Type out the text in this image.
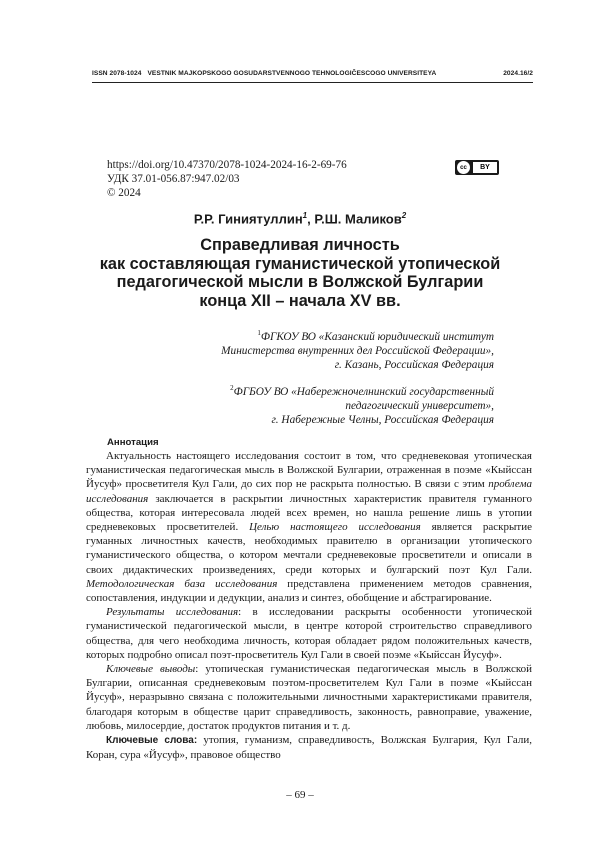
ISSN 2078-1024 VESTNIK MAJKOPSKOGO GOSUDARSTVENNOGO TEHNOLOGIČESCOGO UNIVERSITEYA	2024.16/2
https://doi.org/10.47370/2078-1024-2024-16-2-69-76
УДК 37.01-056.87:947.02/03
© 2024
cc	BY
Р.Р. Гиниятуллин$^1$, Р.Ш. Маликов$^2$
Справедливая личность
как составляющая гуманистической утопической
педагогической мысли в Волжской Булгарии
конца XII – начала XV вв.
$^1$ФГКОУ ВО «Казанский юридический институт
Министерства внутренних дел Российской Федерации»,
г. Казань, Российская Федерация
$^2$ФГБОУ ВО «Набережночелнинский государственный
педагогический университет»,
г. Набережные Челны, Российская Федерация
Аннотация

Актуальность настоящего исследования состоит в том, что средневековая утопическая гуманистическая педагогическая мысль в Волжской Булгарии, отраженная в поэме «Кыйссан Йусуф» просветителя Кул Гали, до сих пор не раскрыта полностью. В связи с этим проблема исследования заключается в раскрытии личностных характеристик правителя гуманного общества, которая интересовала людей всех времен, но нашла решение лишь в утопии средневековых просветителей. Целью настоящего исследования является раскрытие гуманных личностных качеств, необходимых правителю в организации утопического гуманистического общества, о котором мечтали средневековые просветители и описали в своих дидактических произведениях, среди которых и булгарский поэт Кул Гали. Методологическая база исследования представлена применением методов сравнения, сопоставления, индукции и дедукции, анализ и синтез, обобщение и абстрагирование.

Результаты исследования: в исследовании раскрыты особенности утопической гуманистической педагогической мысли, в центре которой строительство справедливого общества, для чего необходима личность, которая обладает рядом положительных качеств, которых подробно описал поэт-просветитель Кул Гали в своей поэме «Кыйссан Йусуф».

Ключевые выводы: утопическая гуманистическая педагогическая мысль в Волжской Булгарии, описанная средневековым поэтом-просветителем Кул Гали в поэме «Кыйссан Йусуф», неразрывно связана с положительными личностными характеристиками правителя, благодаря которым в обществе царит справедливость, законность, равноправие, уважение, любовь, милосердие, достаток продуктов питания и т. д.

Ключевые слова: утопия, гуманизм, справедливость, Волжская Булгария, Кул Гали, Коран, сура «Йусуф», правовое общество

– 69 –
